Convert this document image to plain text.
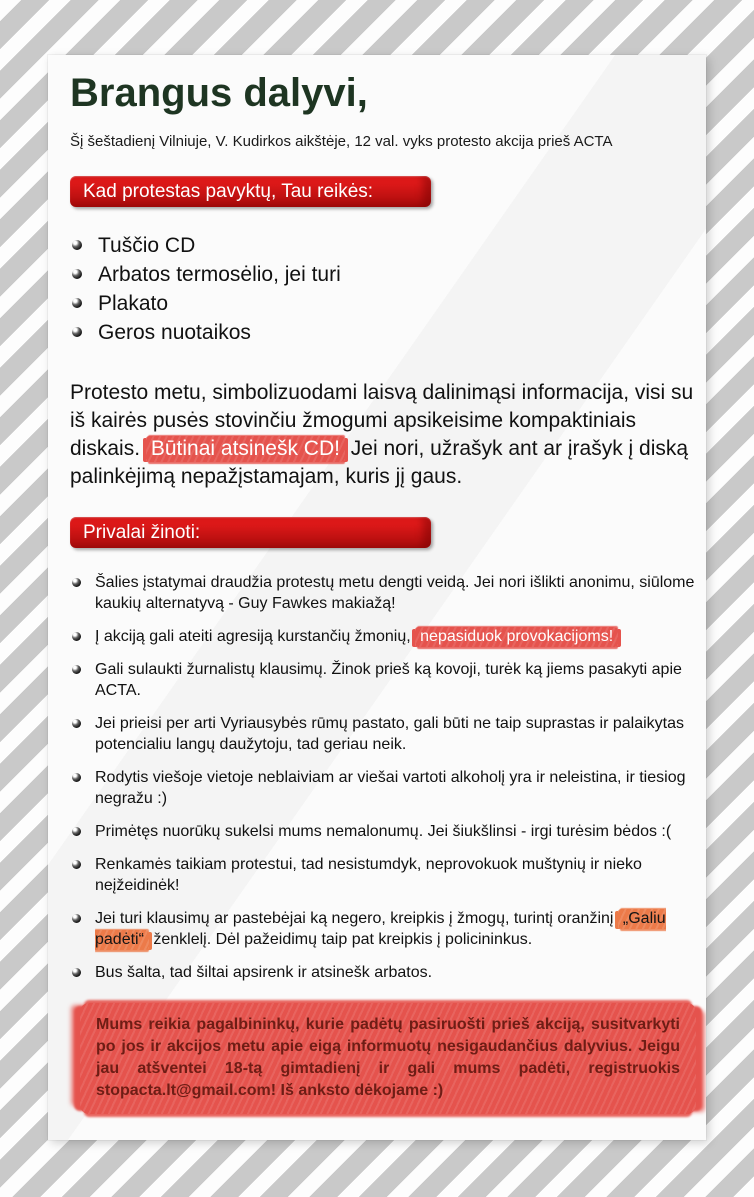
Brangus dalyvi,
Šį šeštadienį Vilniuje, V. Kudirkos aikštėje, 12 val. vyks protesto akcija prieš ACTA
Kad protestas pavyktų, Tau reikės:
Tuščio CD
Arbatos termosėlio, jei turi
Plakato
Geros nuotaikos
Protesto metu, simbolizuodami laisvą dalinimąsi informacija, visi su iš kairės pusės stovinčiu žmogumi apsikeisime kompaktiniais diskais. Būtinai atsinešk CD! Jei nori, užrašyk ant ar įrašyk į diską palinkėjimą nepažįstamajam, kuris jį gaus.
Privalai žinoti:
Šalies įstatymai draudžia protestų metu dengti veidą. Jei nori išlikti anonimu, siūlome kaukių alternatyvą - Guy Fawkes makiažą!
Į akciją gali ateiti agresiją kurstančių žmonių, nepasiduok provokacijoms!
Gali sulaukti žurnalistų klausimų. Žinok prieš ką kovoji, turėk ką jiems pasakyti apie ACTA.
Jei prieisi per arti Vyriausybės rūmų pastato, gali būti ne taip suprastas ir palaikytas potencialiu langų daužytoju, tad geriau neik.
Rodytis viešoje vietoje neblaiviam ar viešai vartoti alkoholį yra ir neleistina, ir tiesiog negražu :)
Primėtęs nuorūkų sukelsi mums nemalonumų. Jei šiukšlinsi - irgi turėsim bėdos :(
Renkamės taikiam protestui, tad nesistumdyk, neprovokuok muštynių ir nieko neįžeidinėk!
Jei turi klausimų ar pastebėjai ką negero, kreipkis į žmogų, turintį oranžinį „Galiu padėti“ ženklelį. Dėl pažeidimų taip pat kreipkis į policininkus.
Bus šalta, tad šiltai apsirenk ir atsinešk arbatos.
Mums reikia pagalbininkų, kurie padėtų pasiruošti prieš akciją, susitvarkyti po jos ir akcijos metu apie eigą informuotų nesigaudančius dalyvius. Jeigu jau atšventei 18-tą gimtadienį ir gali mums padėti, registruokis stopacta.lt@gmail.com! Iš anksto dėkojame :)
